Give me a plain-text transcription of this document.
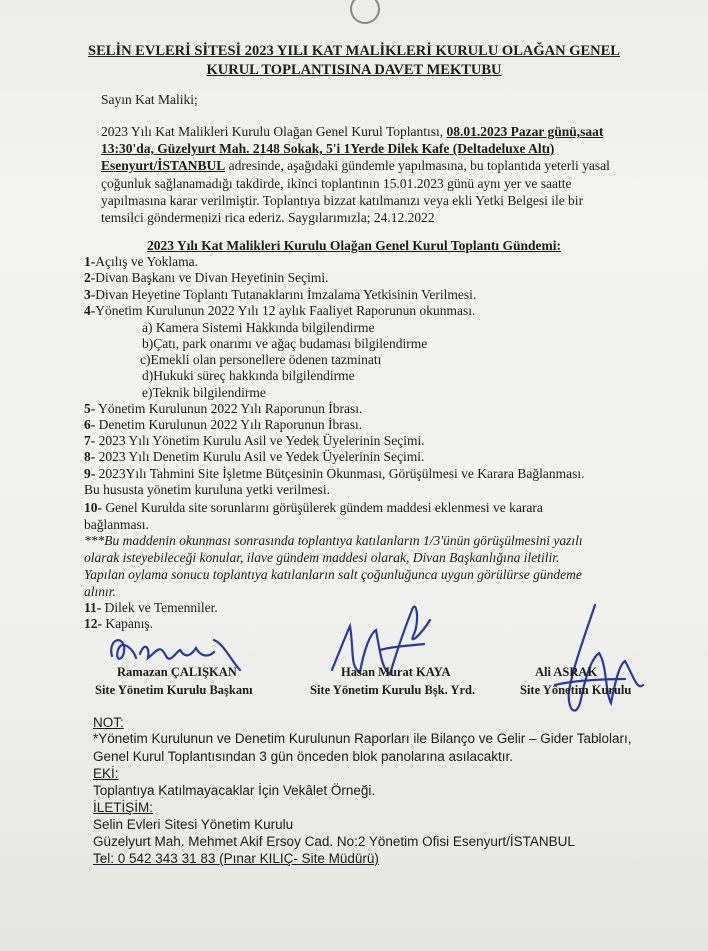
SELİN EVLERİ SİTESİ 2023 YILI KAT MALİKLERİ KURULU OLAĞAN GENEL
KURUL TOPLANTISINA DAVET MEKTUBU
Sayın Kat Maliki;
2023 Yılı Kat Malikleri Kurulu Olağan Genel Kurul Toplantısı, 08.01.2023 Pazar günü,saat
13:30'da, Güzelyurt Mah. 2148 Sokak, 5'i 1Yerde Dilek Kafe (Deltadeluxe Altı)
Esenyurt/İSTANBUL adresinde, aşağıdaki gündemle yapılmasına, bu toplantıda yeterli yasal
çoğunluk sağlanamadığı takdirde, ikinci toplantının 15.01.2023 günü aynı yer ve saatte
yapılmasına karar verilmiştir. Toplantıya bizzat katılmanızı veya ekli Yetki Belgesi ile bir
temsilci göndermenizi rica ederiz. Saygılarımızla; 24.12.2022
2023 Yılı Kat Malikleri Kurulu Olağan Genel Kurul Toplantı Gündemi:
1-Açılış ve Yoklama.
2-Divan Başkanı ve Divan Heyetinin Seçimi.
3-Divan Heyetine Toplantı Tutanaklarını İmzalama Yetkisinin Verilmesi.
4-Yönetim Kurulunun 2022 Yılı 12 aylık Faaliyet Raporunun okunması.
a) Kamera Sistemi Hakkında bilgilendirme
b)Çatı, park onarımı ve ağaç budaması bilgilendirme
c)Emekli olan personellere ödenen tazminatı
d)Hukuki süreç hakkında bilgilendirme
e)Teknik bilgilendirme
5- Yönetim Kurulunun 2022 Yılı Raporunun İbrası.
6- Denetim Kurulunun 2022 Yılı Raporunun İbrası.
7- 2023 Yılı Yönetim Kurulu Asil ve Yedek Üyelerinin Seçimi.
8- 2023 Yılı Denetim Kurulu Asil ve Yedek Üyelerinin Seçimi.
9- 2023Yılı Tahmini Site İşletme Bütçesinin Okunması, Görüşülmesi ve Karara Bağlanması.
Bu hususta yönetim kuruluna yetki verilmesi.
10- Genel Kurulda site sorunlarını görüşülerek gündem maddesi eklenmesi ve karara
bağlanması.
***Bu maddenin okunması sonrasında toplantıya katılanların 1/3'ünün görüşülmesini yazılı
olarak isteyebileceği konular, ilave gündem maddesi olarak, Divan Başkanlığına iletilir.
Yapılan oylama sonucu toplantıya katılanların salt çoğunluğunca uygun görülürse gündeme
alınır.
11- Dilek ve Temenniler.
12- Kapanış.
Ramazan ÇALIŞKAN
Site Yönetim Kurulu Başkanı
Hasan Murat KAYA
Site Yönetim Kurulu Bşk. Yrd.
Ali ASRAK
Site Yönetim Kurulu
NOT:
*Yönetim Kurulunun ve Denetim Kurulunun Raporları ile Bilanço ve Gelir – Gider Tabloları,
Genel Kurul Toplantısından 3 gün önceden blok panolarına asılacaktır.
EKİ:
Toplantıya Katılmayacaklar İçin Vekâlet Örneği.
İLETİŞİM:
Selin Evleri Sitesi Yönetim Kurulu
Güzelyurt Mah. Mehmet Akif Ersoy Cad. No:2 Yönetim Ofisi Esenyurt/İSTANBUL
Tel: 0 542 343 31 83 (Pınar KILIÇ- Site Müdürü)
